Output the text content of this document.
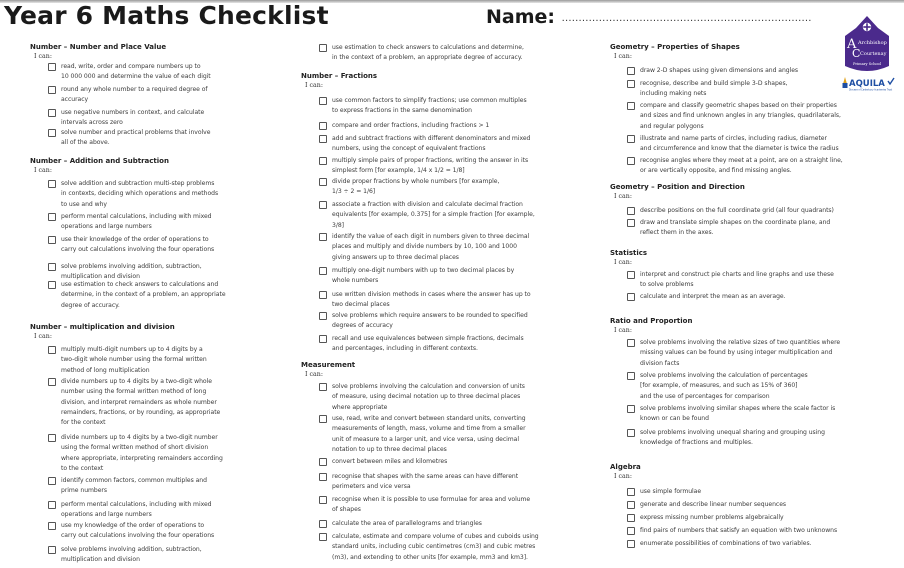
Year 6 Maths Checklist	Name: ..........................................................................
A Archbishop
C Courtenay
Primary School
AQUILA
Diocese of Canterbury Academies Trust
Number – Number and Place Value
I can:
read, write, order and compare numbers up to
10 000 000 and determine the value of each digit
round any whole number to a required degree of
accuracy
use negative numbers in context, and calculate
intervals across zero
solve number and practical problems that involve
all of the above.
Number – Addition and Subtraction
I can:
solve addition and subtraction multi-step problems
in contexts, deciding which operations and methods
to use and why
perform mental calculations, including with mixed
operations and large numbers
use their knowledge of the order of operations to
carry out calculations involving the four operations
solve problems involving addition, subtraction,
multiplication and division
use estimation to check answers to calculations and
determine, in the context of a problem, an appropriate
degree of accuracy.
Number – multiplication and division
I can:
multiply multi-digit numbers up to 4 digits by a
two-digit whole number using the formal written
method of long multiplication
divide numbers up to 4 digits by a two-digit whole
number using the formal written method of long
division, and interpret remainders as whole number
remainders, fractions, or by rounding, as appropriate
for the context
divide numbers up to 4 digits by a two-digit number
using the formal written method of short division
where appropriate, interpreting remainders according
to the context
identify common factors, common multiples and
prime numbers
perform mental calculations, including with mixed
operations and large numbers
use my knowledge of the order of operations to
carry out calculations involving the four operations
solve problems involving addition, subtraction,
multiplication and division
use estimation to check answers to calculations and determine,
in the context of a problem, an appropriate degree of accuracy.
Number – Fractions
I can:
use common factors to simplify fractions; use common multiples
to express fractions in the same denomination
compare and order fractions, including fractions > 1
add and subtract fractions with different denominators and mixed
numbers, using the concept of equivalent fractions
multiply simple pairs of proper fractions, writing the answer in its
simplest form [for example, 1/4 x 1/2 = 1/8]
divide proper fractions by whole numbers [for example,
1/3 ÷ 2 = 1/6]
associate a fraction with division and calculate decimal fraction
equivalents [for example, 0.375] for a simple fraction [for example,
3/8]
identify the value of each digit in numbers given to three decimal
places and multiply and divide numbers by 10, 100 and 1000
giving answers up to three decimal places
multiply one-digit numbers with up to two decimal places by
whole numbers
use written division methods in cases where the answer has up to
two decimal places
solve problems which require answers to be rounded to specified
degrees of accuracy
recall and use equivalences between simple fractions, decimals
and percentages, including in different contexts.
Measurement
I can:
solve problems involving the calculation and conversion of units
of measure, using decimal notation up to three decimal places
where appropriate
use, read, write and convert between standard units, converting
measurements of length, mass, volume and time from a smaller
unit of measure to a larger unit, and vice versa, using decimal
notation to up to three decimal places
convert between miles and kilometres
recognise that shapes with the same areas can have different
perimeters and vice versa
recognise when it is possible to use formulae for area and volume
of shapes
calculate the area of parallelograms and triangles
calculate, estimate and compare volume of cubes and cuboids using
standard units, including cubic centimetres (cm3) and cubic metres
(m3), and extending to other units [for example, mm3 and km3].
Geometry – Properties of Shapes
I can:
draw 2-D shapes using given dimensions and angles
recognise, describe and build simple 3-D shapes,
including making nets
compare and classify geometric shapes based on their properties
and sizes and find unknown angles in any triangles, quadrilaterals,
and regular polygons
illustrate and name parts of circles, including radius, diameter
and circumference and know that the diameter is twice the radius
recognise angles where they meet at a point, are on a straight line,
or are vertically opposite, and find missing angles.
Geometry – Position and Direction
I can:
describe positions on the full coordinate grid (all four quadrants)
draw and translate simple shapes on the coordinate plane, and
reflect them in the axes.
Statistics
I can:
interpret and construct pie charts and line graphs and use these
to solve problems
calculate and interpret the mean as an average.
Ratio and Proportion
I can:
solve problems involving the relative sizes of two quantities where
missing values can be found by using integer multiplication and
division facts
solve problems involving the calculation of percentages
[for example, of measures, and such as 15% of 360]
and the use of percentages for comparison
solve problems involving similar shapes where the scale factor is
known or can be found
solve problems involving unequal sharing and grouping using
knowledge of fractions and multiples.
Algebra
I can:
use simple formulae
generate and describe linear number sequences
express missing number problems algebraically
find pairs of numbers that satisfy an equation with two unknowns
enumerate possibilities of combinations of two variables.
